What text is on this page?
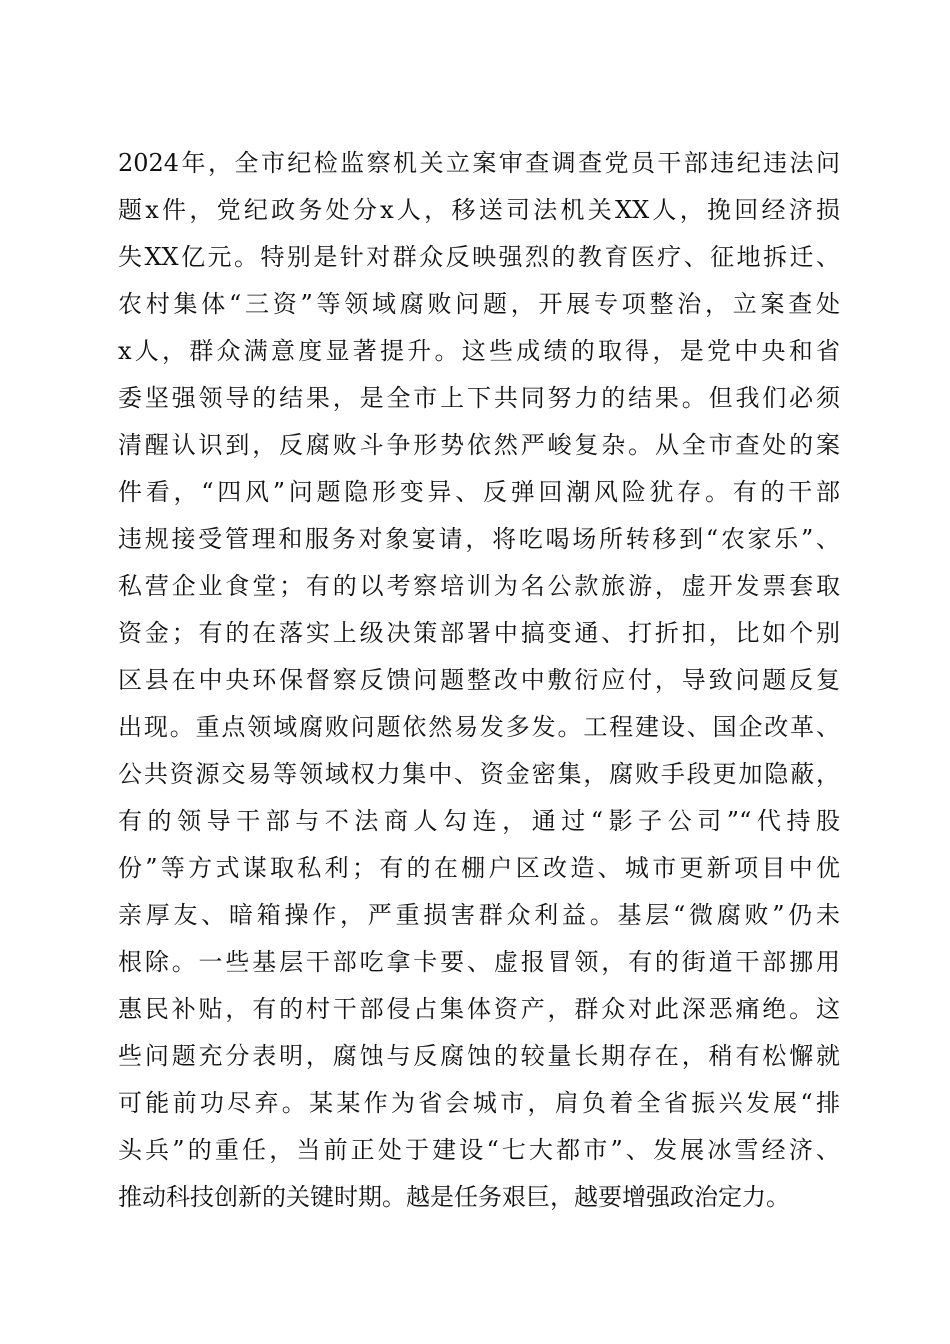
2024年，全市纪检监察机关立案审查调查党员干部违纪违法问
题x件，党纪政务处分x人，移送司法机关XX人，挽回经济损
失XX亿元。特别是针对群众反映强烈的教育医疗、征地拆迁、
农村集体“三资”等领域腐败问题，开展专项整治，立案查处
x人，群众满意度显著提升。这些成绩的取得，是党中央和省
委坚强领导的结果，是全市上下共同努力的结果。但我们必须
清醒认识到，反腐败斗争形势依然严峻复杂。从全市查处的案
件看，“四风”问题隐形变异、反弹回潮风险犹存。有的干部
违规接受管理和服务对象宴请，将吃喝场所转移到“农家乐”、
私营企业食堂；有的以考察培训为名公款旅游，虚开发票套取
资金；有的在落实上级决策部署中搞变通、打折扣，比如个别
区县在中央环保督察反馈问题整改中敷衍应付，导致问题反复
出现。重点领域腐败问题依然易发多发。工程建设、国企改革、
公共资源交易等领域权力集中、资金密集，腐败手段更加隐蔽，
有的领导干部与不法商人勾连，通过“影子公司”“代持股
份”等方式谋取私利；有的在棚户区改造、城市更新项目中优
亲厚友、暗箱操作，严重损害群众利益。基层“微腐败”仍未
根除。一些基层干部吃拿卡要、虚报冒领，有的街道干部挪用
惠民补贴，有的村干部侵占集体资产，群众对此深恶痛绝。这
些问题充分表明，腐蚀与反腐蚀的较量长期存在，稍有松懈就
可能前功尽弃。某某作为省会城市，肩负着全省振兴发展“排
头兵”的重任，当前正处于建设“七大都市”、发展冰雪经济、
推动科技创新的关键时期。越是任务艰巨，越要增强政治定力。
